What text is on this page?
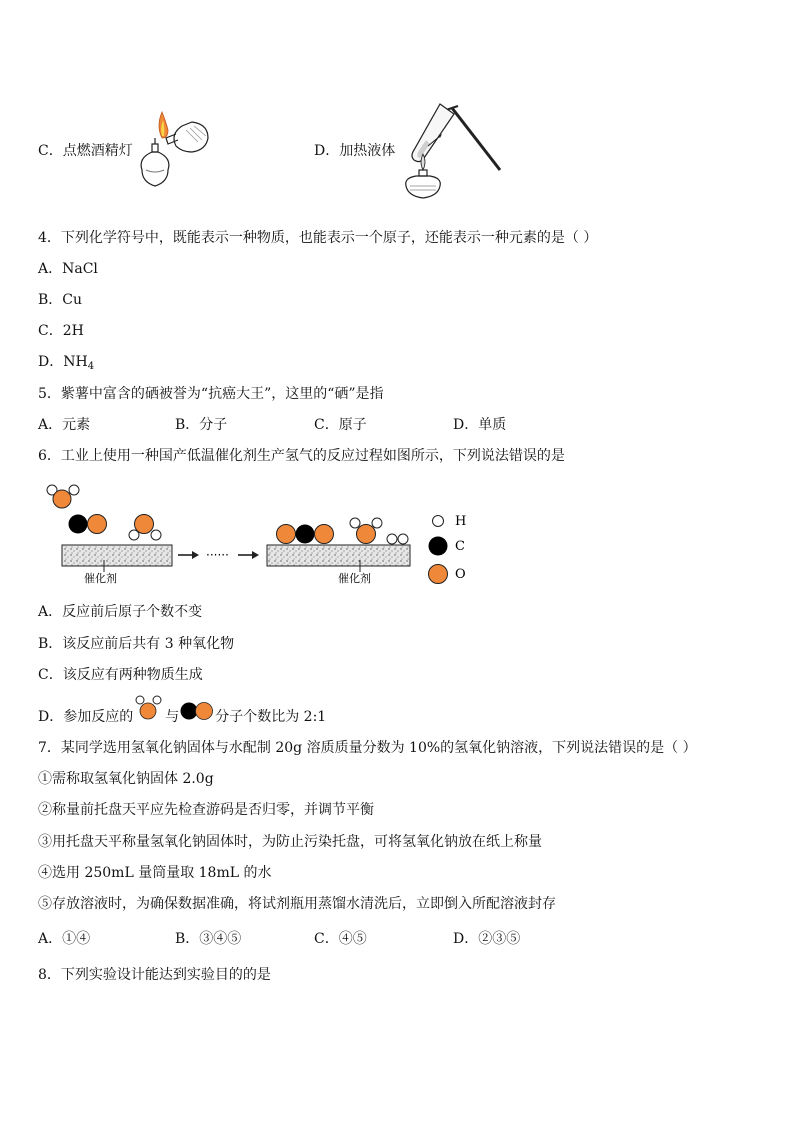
C．点燃酒精灯	D．加热液体
4．下列化学符号中，既能表示一种物质，也能表示一个原子，还能表示一种元素的是（ ）
A．NaCl
B．Cu
C．2H
D．$NH_4$
5．紫薯中富含的硒被誉为“抗癌大王”，这里的“硒”是指
A．元素	B．分子	C．原子	D．单质
6．工业上使用一种国产低温催化剂生产氢气的反应过程如图所示，下列说法错误的是
催化剂
······
催化剂
H
C
O
A．反应前后原子个数不变
B．该反应前后共有 3 种氧化物
C．该反应有两种物质生成
D．参加反应的 与	分子个数比为 2:1
7．某同学选用氢氧化钠固体与水配制 20g 溶质质量分数为 10%的氢氧化钠溶液，下列说法错误的是（ ）
①需称取氢氧化钠固体 2.0g
②称量前托盘天平应先检查游码是否归零，并调节平衡
③用托盘天平称量氢氧化钠固体时，为防止污染托盘，可将氢氧化钠放在纸上称量
④选用 250mL 量筒量取 18mL 的水
⑤存放溶液时，为确保数据准确，将试剂瓶用蒸馏水清洗后，立即倒入所配溶液封存
A．①④	B．③④⑤	C．④⑤	D．②③⑤
8．下列实验设计能达到实验目的的是
